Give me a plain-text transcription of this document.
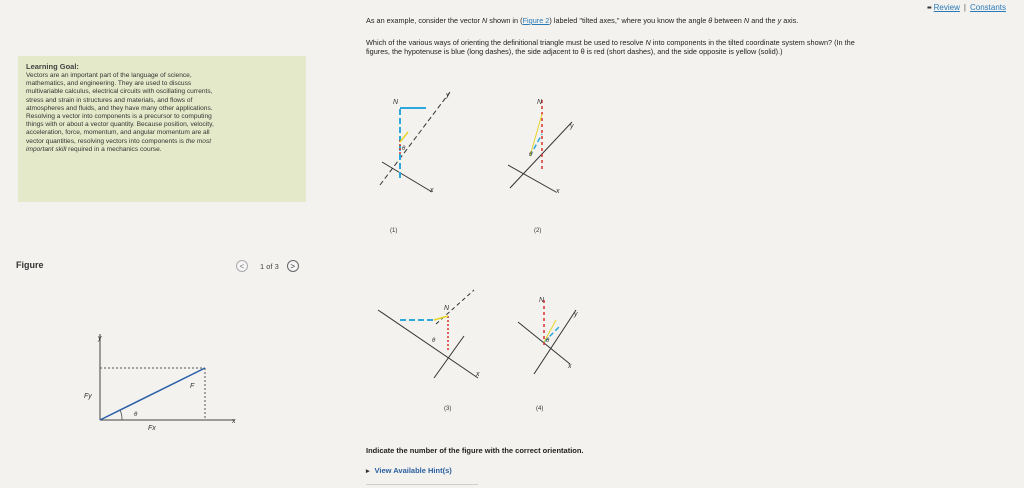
▪▪ Review | Constants
Learning Goal:
Vectors are an important part of the language of science,
mathematics, and engineering. They are used to discuss
multivariable calculus, electrical circuits with oscillating currents,
stress and strain in structures and materials, and flows of
atmospheres and fluids, and they have many other applications.
Resolving a vector into components is a precursor to computing
things with or about a vector quantity. Because position, velocity,
acceleration, force, momentum, and angular momentum are all
vector quantities, resolving vectors into components is the most
important skill required in a mechanics course.
Figure	<	1 of 3	>
y
x
F
Fy
Fx
θ
As an example, consider the vector N shown in (Figure 2) labeled "tilted axes," where you know the angle θ between N and the y axis.
Which of the various ways of orienting the definitional triangle must be used to resolve N into components in the tilted coordinate system shown? (In the
figures, the hypotenuse is blue (long dashes), the side adjacent to θ is red (short dashes), and the side opposite is yellow (solid).)
N
y
x
θ
(1)
N
y
x
θ
(2)
N
x
θ
(3)
N
y
x
θ
(4)
Indicate the number of the figure with the correct orientation.
▸ View Available Hint(s)
